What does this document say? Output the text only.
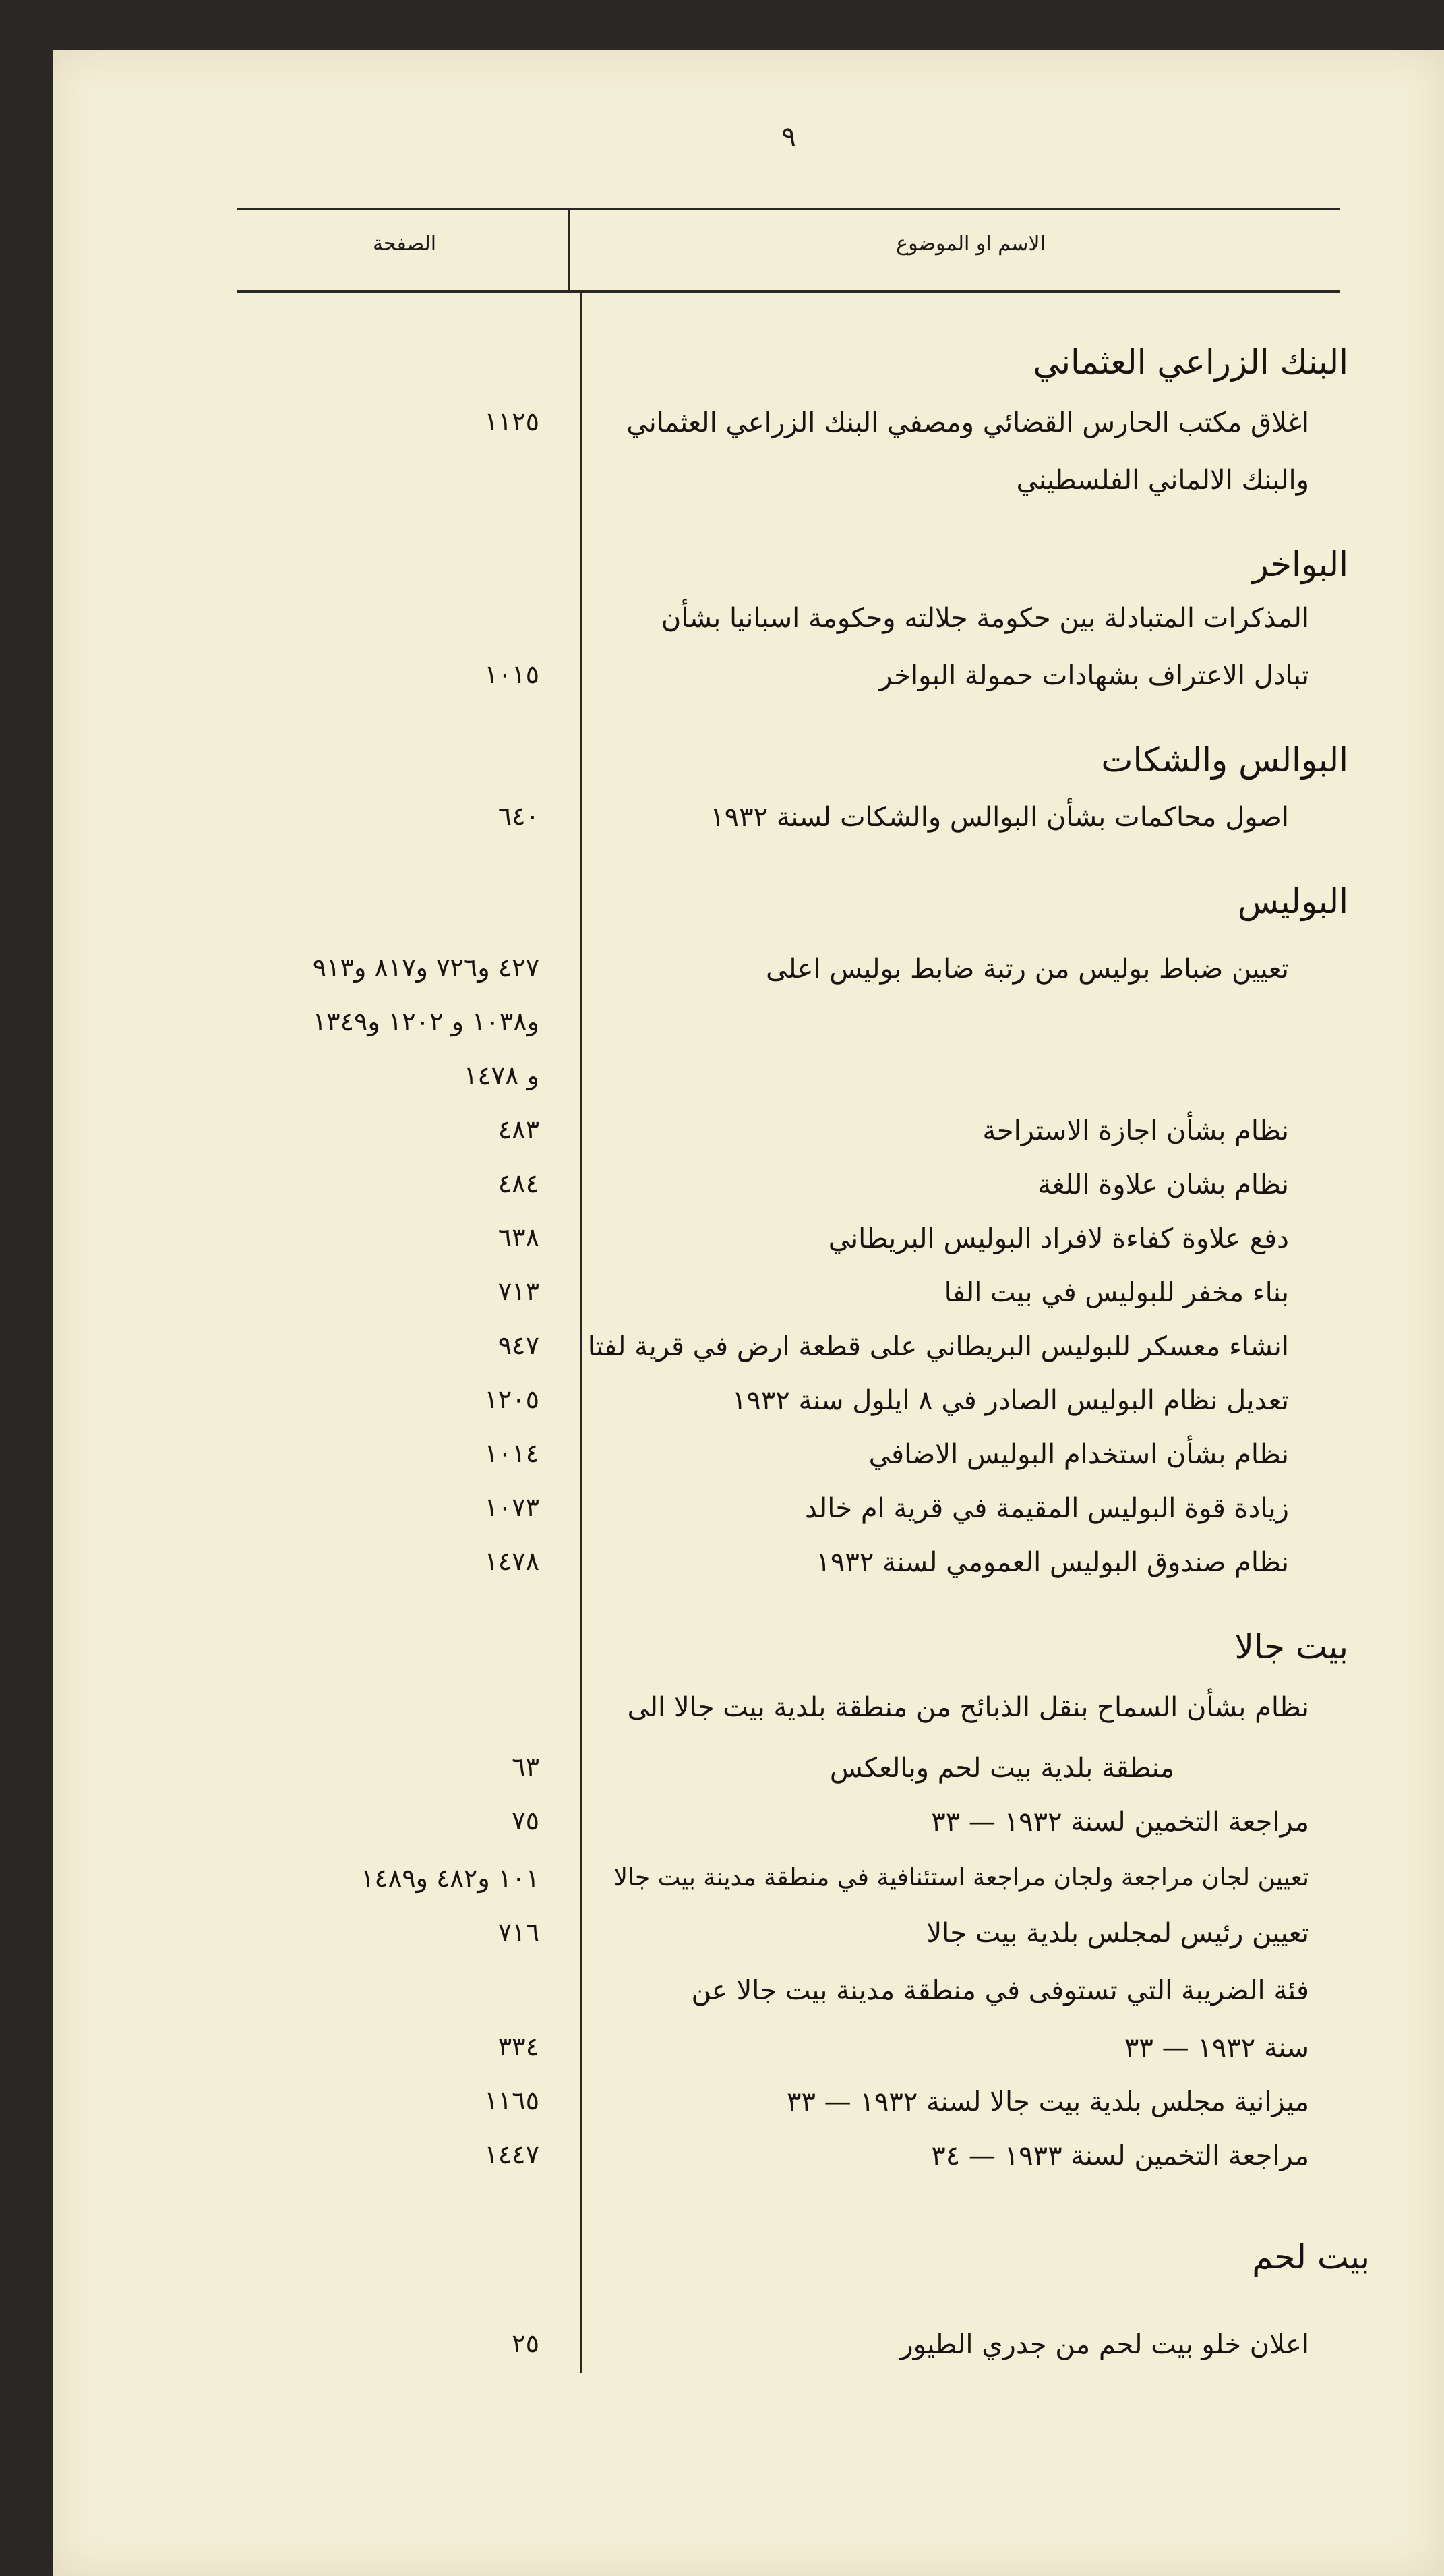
٩
الاسم او الموضوع
الصفحة
البنك الزراعي العثماني
اغلاق مكتب الحارس القضائي ومصفي البنك الزراعي العثماني
١١٢٥
والبنك الالماني الفلسطيني
البواخر
المذكرات المتبادلة بين حكومة جلالته وحكومة اسبانيا بشأن
تبادل الاعتراف بشهادات حمولة البواخر
١٠١٥
البوالس والشكات
اصول محاكمات بشأن البوالس والشكات لسنة ١٩٣٢
٦٤٠
البوليس
تعيين ضباط بوليس من رتبة ضابط بوليس اعلى
٤٢٧ و٧٢٦ و٨١٧ و٩١٣
و١٠٣٨ و ١٢٠٢ و١٣٤٩
و ١٤٧٨
نظام بشأن اجازة الاستراحة
٤٨٣
نظام بشان علاوة اللغة
٤٨٤
دفع علاوة كفاءة لافراد البوليس البريطاني
٦٣٨
بناء مخفر للبوليس في بيت الفا
٧١٣
انشاء معسكر للبوليس البريطاني على قطعة ارض في قرية لفتا
٩٤٧
تعديل نظام البوليس الصادر في ٨ ايلول سنة ١٩٣٢
١٢٠٥
نظام بشأن استخدام البوليس الاضافي
١٠١٤
زيادة قوة البوليس المقيمة في قرية ام خالد
١٠٧٣
نظام صندوق البوليس العمومي لسنة ١٩٣٢
١٤٧٨
بيت جالا
نظام بشأن السماح بنقل الذبائح من منطقة بلدية بيت جالا الى
منطقة بلدية بيت لحم وبالعكس
٦٣
مراجعة التخمين لسنة ١٩٣٢ — ٣٣
٧٥
تعيين لجان مراجعة ولجان مراجعة استئنافية في منطقة مدينة بيت جالا
١٠١ و٤٨٢ و١٤٨٩
تعيين رئيس لمجلس بلدية بيت جالا
٧١٦
فئة الضريبة التي تستوفى في منطقة مدينة بيت جالا عن
سنة ١٩٣٢ — ٣٣
٣٣٤
ميزانية مجلس بلدية بيت جالا لسنة ١٩٣٢ — ٣٣
١١٦٥
مراجعة التخمين لسنة ١٩٣٣ — ٣٤
١٤٤٧
بيت لحم
اعلان خلو بيت لحم من جدري الطيور
٢٥
